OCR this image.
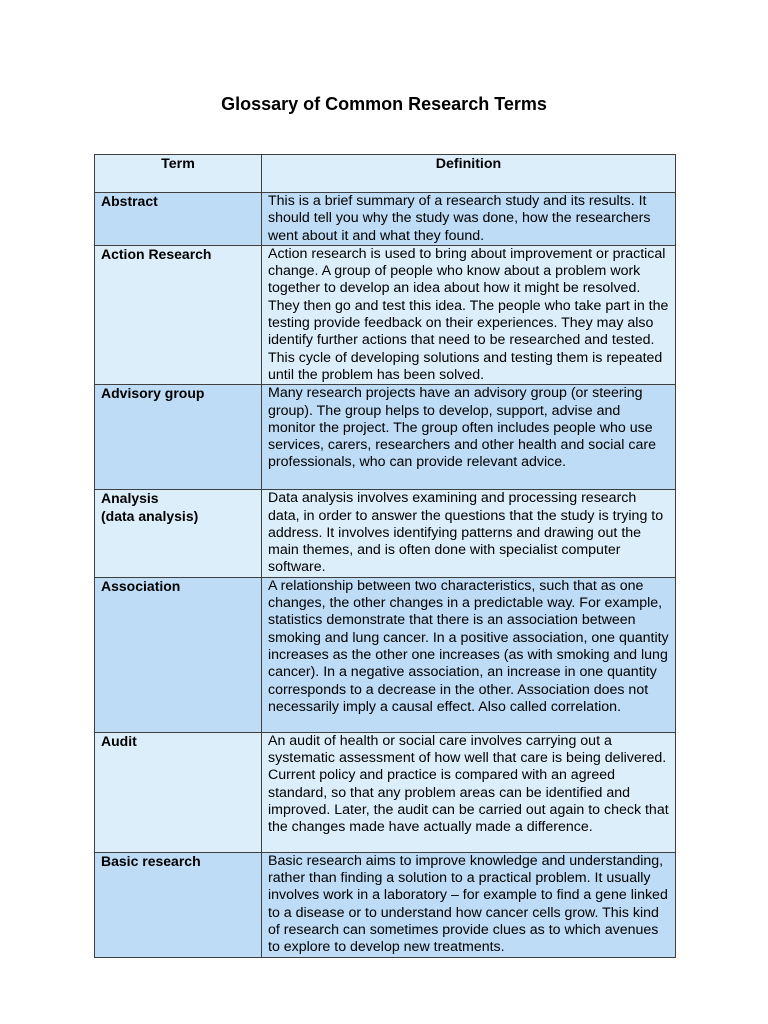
Glossary of Common Research Terms
Term	Definition

Abstract	This is a brief summary of a research study and its results. It should tell you why the study was done, how the researchers went about it and what they found.

Action Research	Action research is used to bring about improvement or practical change. A group of people who know about a problem work together to develop an idea about how it might be resolved. They then go and test this idea. The people who take part in the testing provide feedback on their experiences. They may also identify further actions that need to be researched and tested. This cycle of developing solutions and testing them is repeated until the problem has been solved.

Advisory group	Many research projects have an advisory group (or steering group). The group helps to develop, support, advise and monitor the project. The group often includes people who use services, carers, researchers and other health and social care professionals, who can provide relevant advice.

Analysis
(data analysis)	Data analysis involves examining and processing research data, in order to answer the questions that the study is trying to address. It involves identifying patterns and drawing out the main themes, and is often done with specialist computer software.

Association	A relationship between two characteristics, such that as one changes, the other changes in a predictable way. For example, statistics demonstrate that there is an association between smoking and lung cancer. In a positive association, one quantity increases as the other one increases (as with smoking and lung cancer). In a negative association, an increase in one quantity corresponds to a decrease in the other. Association does not necessarily imply a causal effect. Also called correlation.

Audit	An audit of health or social care involves carrying out a systematic assessment of how well that care is being delivered. Current policy and practice is compared with an agreed standard, so that any problem areas can be identified and improved. Later, the audit can be carried out again to check that the changes made have actually made a difference.

Basic research	Basic research aims to improve knowledge and understanding, rather than finding a solution to a practical problem. It usually involves work in a laboratory – for example to find a gene linked to a disease or to understand how cancer cells grow. This kind of research can sometimes provide clues as to which avenues to explore to develop new treatments.
